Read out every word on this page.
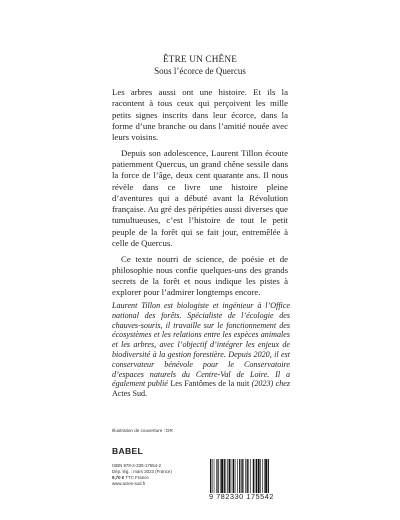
ÊTRE UN CHÊNE
Sous l’écorce de Quercus

Les arbres aussi ont une histoire. Et ils la racontent à tous ceux qui perçoivent les mille petits signes inscrits dans leur écorce, dans la forme d’une branche ou dans l’amitié nouée avec leurs voisins.

Depuis son adolescence, Laurent Tillon écoute patiemment Quercus, un grand chêne sessile dans la force de l’âge, deux cent quarante ans. Il nous révèle dans ce livre une histoire pleine d’aventures qui a débuté avant la Révolution française. Au gré des péripéties aussi diverses que tumultueuses, c’est l’histoire de tout le petit peuple de la forêt qui se fait jour, entremêlée à celle de Quercus.

Ce texte nourri de science, de poésie et de philosophie nous confie quelques-uns des grands secrets de la forêt et nous indique les pistes à explorer pour l’admirer longtemps encore.

Laurent Tillon est biologiste et ingénieur à l’Office national des forêts. Spécialiste de l’écologie des chauves-souris, il travaille sur le fonctionnement des écosystèmes et les relations entre les espèces animales et les arbres, avec l’objectif d’intégrer les enjeux de biodiversité à la gestion forestière. Depuis 2020, il est conservateur bénévole pour le Conservatoire d’espaces naturels du Centre-Val de Loire. Il a également publié Les Fantômes de la nuit (2023) chez Actes Sud.
Illustration de couverture : DR
BABEL
ISBN 978-2-330-17554-2
Dép. lég. : mars 2023 (France)
9,70 € TTC France
www.actes-sud.fr
9 782330 175542
